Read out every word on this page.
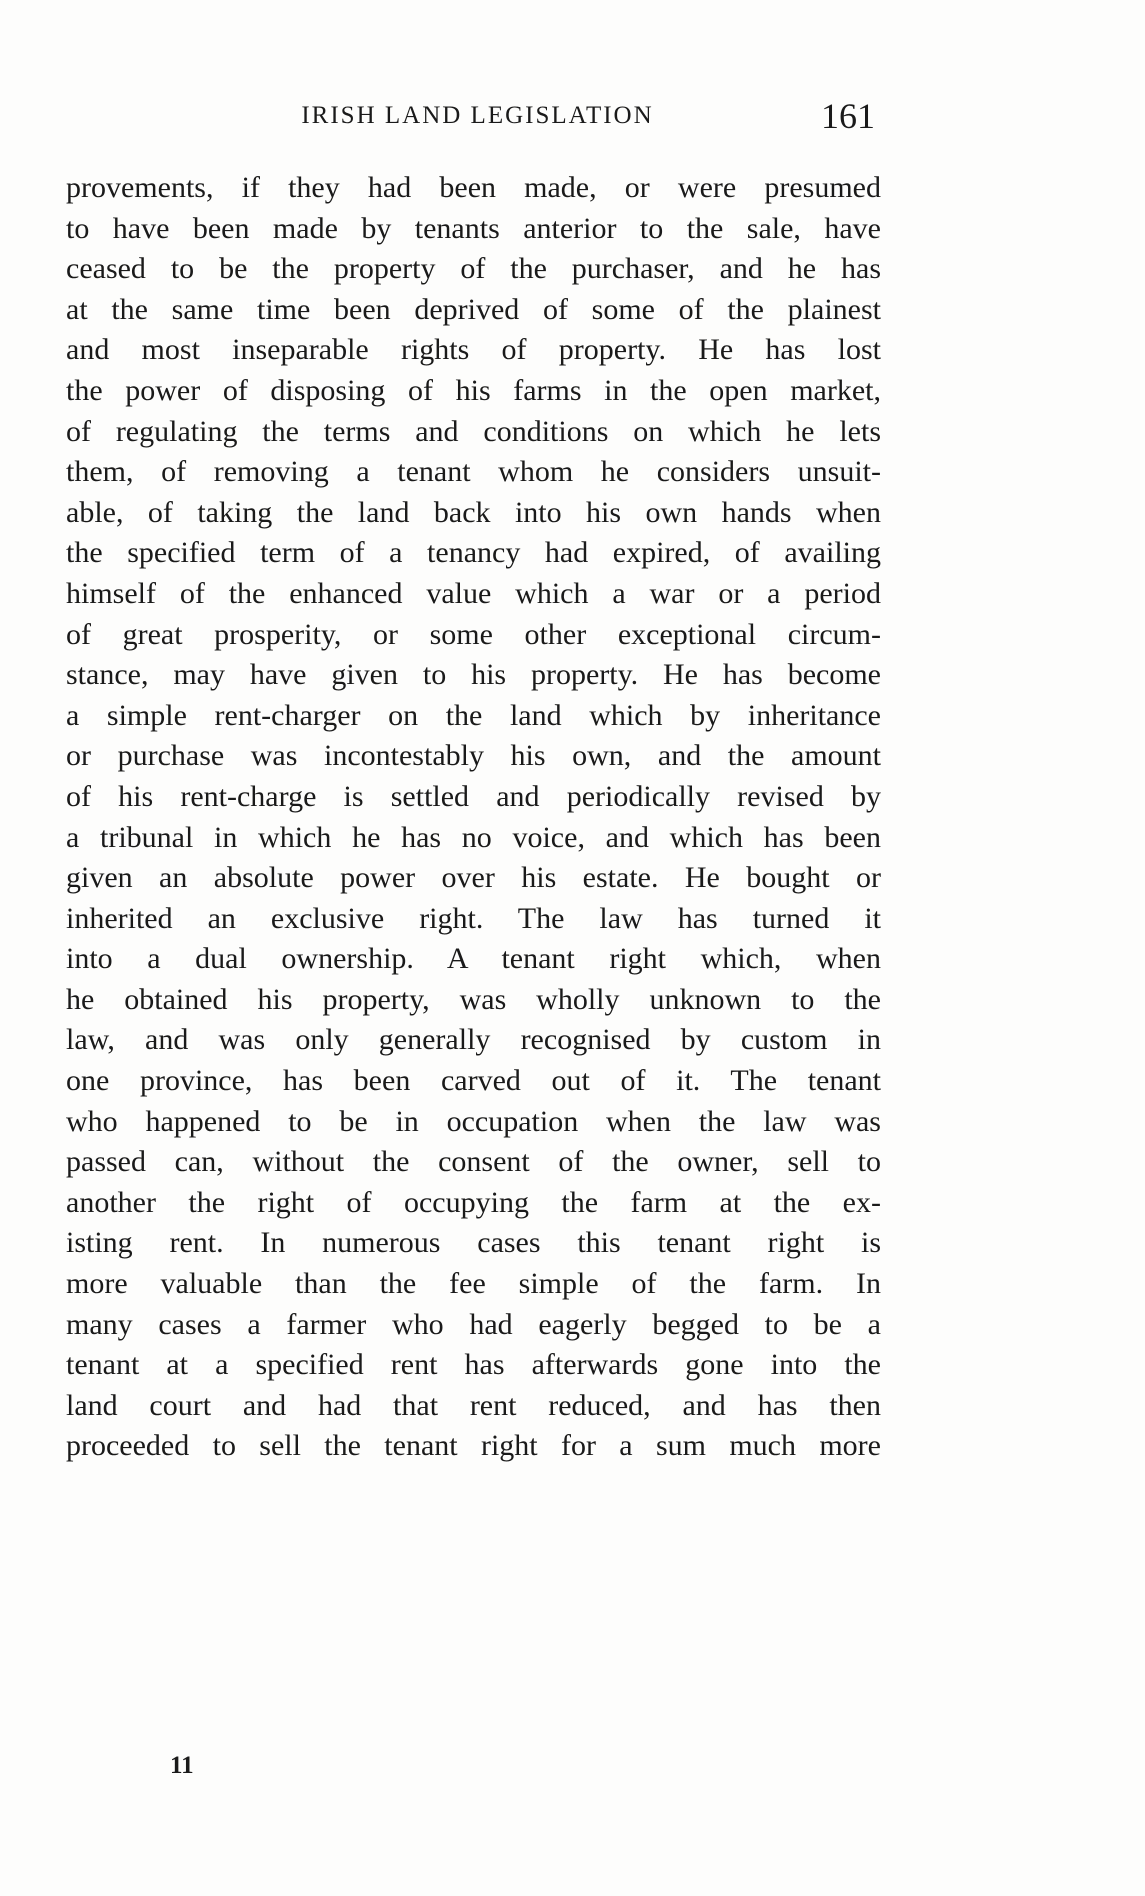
IRISH LAND LEGISLATION	161
provements, if they had been made, or were presumed
to have been made by tenants anterior to the sale, have
ceased to be the property of the purchaser, and he has
at the same time been deprived of some of the plainest
and most inseparable rights of property. He has lost
the power of disposing of his farms in the open market,
of regulating the terms and conditions on which he lets
them, of removing a tenant whom he considers unsuit-
able, of taking the land back into his own hands when
the specified term of a tenancy had expired, of availing
himself of the enhanced value which a war or a period
of great prosperity, or some other exceptional circum-
stance, may have given to his property. He has become
a simple rent-charger on the land which by inheritance
or purchase was incontestably his own, and the amount
of his rent-charge is settled and periodically revised by
a tribunal in which he has no voice, and which has been
given an absolute power over his estate. He bought or
inherited an exclusive right. The law has turned it
into a dual ownership. A tenant right which, when
he obtained his property, was wholly unknown to the
law, and was only generally recognised by custom in
one province, has been carved out of it. The tenant
who happened to be in occupation when the law was
passed can, without the consent of the owner, sell to
another the right of occupying the farm at the ex-
isting rent. In numerous cases this tenant right is
more valuable than the fee simple of the farm. In
many cases a farmer who had eagerly begged to be a
tenant at a specified rent has afterwards gone into the
land court and had that rent reduced, and has then
proceeded to sell the tenant right for a sum much more
11
